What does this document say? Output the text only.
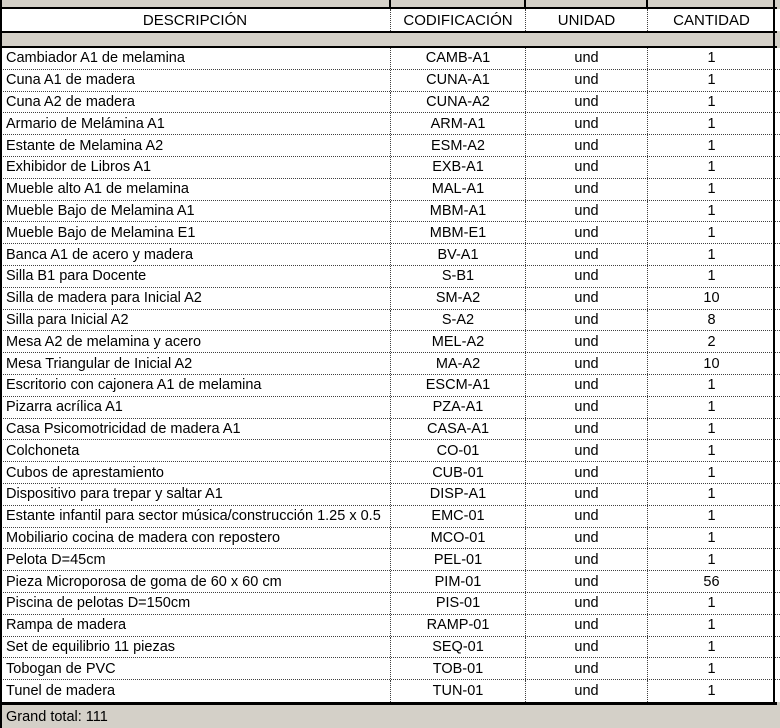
DESCRIPCIÓN	CODIFICACIÓN	UNIDAD	CANTIDAD
Cambiador A1 de melamina	CAMB-A1	und	1
Cuna A1 de madera	CUNA-A1	und	1
Cuna A2 de madera	CUNA-A2	und	1
Armario de Melámina A1	ARM-A1	und	1
Estante de Melamina A2	ESM-A2	und	1
Exhibidor de Libros A1	EXB-A1	und	1
Mueble alto A1 de melamina	MAL-A1	und	1
Mueble Bajo de Melamina A1	MBM-A1	und	1
Mueble Bajo de Melamina E1	MBM-E1	und	1
Banca A1 de acero y madera	BV-A1	und	1
Silla B1 para Docente	S-B1	und	1
Silla de madera para Inicial A2	SM-A2	und	10
Silla para Inicial A2	S-A2	und	8
Mesa A2 de melamina y acero	MEL-A2	und	2
Mesa Triangular de Inicial A2	MA-A2	und	10
Escritorio con cajonera A1 de melamina	ESCM-A1	und	1
Pizarra acrílica A1	PZA-A1	und	1
Casa Psicomotricidad de madera A1	CASA-A1	und	1
Colchoneta	CO-01	und	1
Cubos de aprestamiento	CUB-01	und	1
Dispositivo para trepar y saltar A1	DISP-A1	und	1
Estante infantil para sector música/construcción 1.25 x 0.5	EMC-01	und	1
Mobiliario cocina de madera con repostero	MCO-01	und	1
Pelota D=45cm	PEL-01	und	1
Pieza Microporosa de goma de 60 x 60 cm	PIM-01	und	56
Piscina de pelotas D=150cm	PIS-01	und	1
Rampa de madera	RAMP-01	und	1
Set de equilibrio 11 piezas	SEQ-01	und	1
Tobogan de PVC	TOB-01	und	1
Tunel de madera	TUN-01	und	1
Grand total: 111
